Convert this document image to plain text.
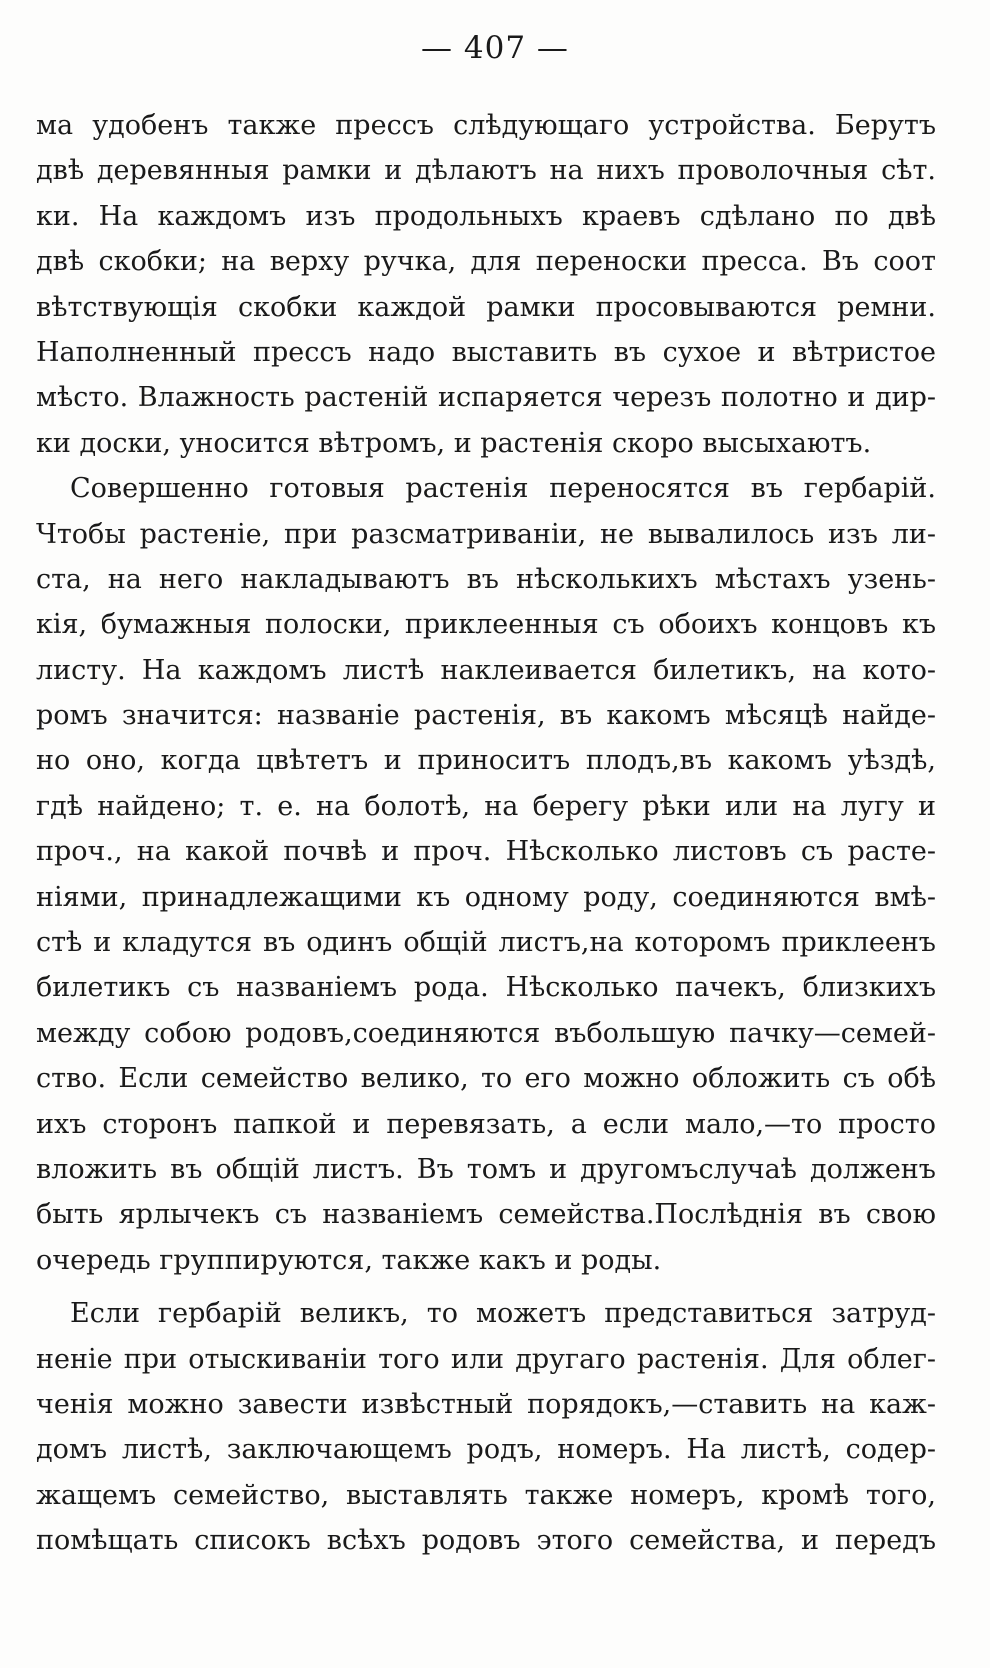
— 407 —
ма удобенъ также прессъ слѣдующаго устройства. Берутъ
двѣ деревянныя рамки и дѣлаютъ на нихъ проволочныя сѣт.
ки. На каждомъ изъ продольныхъ краевъ сдѣлано по двѣ
двѣ скобки; на верху ручка, для переноски пресса. Въ соот
вѣтствующія скобки каждой рамки просовываются ремни.
Наполненный прессъ надо выставить въ сухое и вѣтристое
мѣсто. Влажность растеній испаряется черезъ полотно и дир-
ки доски, уносится вѣтромъ, и растенія скоро высыхаютъ.
Совершенно готовыя растенія переносятся въ гербарій.
Чтобы растеніе, при разсматриваніи, не вывалилось изъ ли-
ста, на него накладываютъ въ нѣсколькихъ мѣстахъ узень-
кія, бумажныя полоски, приклеенныя съ обоихъ концовъ къ
листу. На каждомъ листѣ наклеивается билетикъ, на кото-
ромъ значится: названіе растенія, въ какомъ мѣсяцѣ найде-
но оно, когда цвѣтетъ и приноситъ плодъ,въ какомъ уѣздѣ,
гдѣ найдено; т. е. на болотѣ, на берегу рѣки или на лугу и
проч., на какой почвѣ и проч. Нѣсколько листовъ съ расте-
ніями, принадлежащими къ одному роду, соединяются вмѣ-
стѣ и кладутся въ одинъ общій листъ,на которомъ приклеенъ
билетикъ съ названіемъ рода. Нѣсколько пачекъ, близкихъ
между собою родовъ,соединяются въбольшую пачку—семей-
ство. Если семейство велико, то его можно обложить съ обѣ
ихъ сторонъ папкой и перевязать, а если мало,—то просто
вложить въ общій листъ. Въ томъ и другомъслучаѣ долженъ
быть ярлычекъ съ названіемъ семейства.Послѣднія въ свою
очередь группируются, также какъ и роды.
Если гербарій великъ, то можетъ представиться затруд-
неніе при отыскиваніи того или другаго растенія. Для облег-
ченія можно завести извѣстный порядокъ,—ставить на каж-
домъ листѣ, заключающемъ родъ, номеръ. На листѣ, содер-
жащемъ семейство, выставлять также номеръ, кромѣ того,
помѣщать списокъ всѣхъ родовъ этого семейства, и передъ
